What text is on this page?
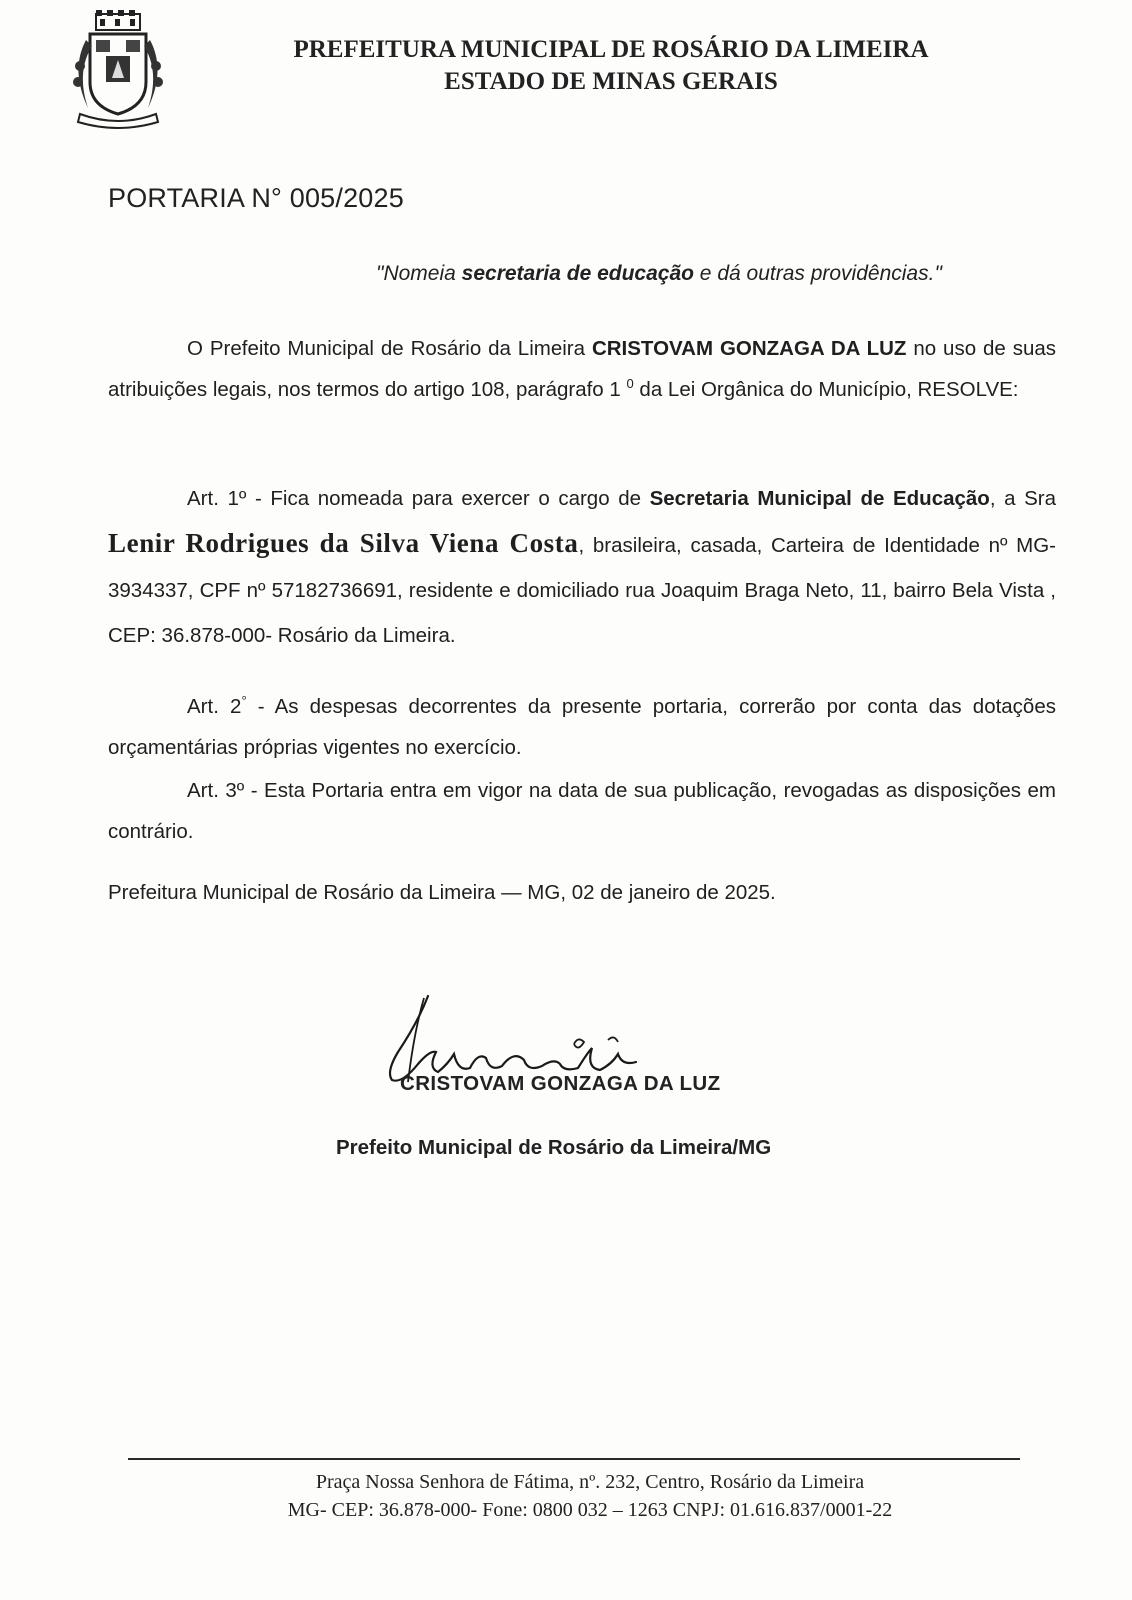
PREFEITURA MUNICIPAL DE ROSÁRIO DA LIMEIRA
ESTADO DE MINAS GERAIS
PORTARIA N° 005/2025
"Nomeia secretaria de educação e dá outras providências."
O Prefeito Municipal de Rosário da Limeira CRISTOVAM GONZAGA DA LUZ no uso de suas atribuições legais, nos termos do artigo 108, parágrafo 1 $^0$ da Lei Orgânica do Município, RESOLVE:
Art. 1º - Fica nomeada para exercer o cargo de Secretaria Municipal de Educação, a Sra Lenir Rodrigues da Silva Viena Costa, brasileira, casada, Carteira de Identidade nº MG-3934337, CPF nº 57182736691, residente e domiciliado rua Joaquim Braga Neto, 11, bairro Bela Vista , CEP: 36.878-000- Rosário da Limeira.
Art. 2° - As despesas decorrentes da presente portaria, correrão por conta das dotações orçamentárias próprias vigentes no exercício.
Art. 3º - Esta Portaria entra em vigor na data de sua publicação, revogadas as disposições em contrário.
Prefeitura Municipal de Rosário da Limeira — MG, 02 de janeiro de 2025.
CRISTOVAM GONZAGA DA LUZ
Prefeito Municipal de Rosário da Limeira/MG
Praça Nossa Senhora de Fátima, nº. 232, Centro, Rosário da Limeira
MG- CEP: 36.878-000- Fone: 0800 032 – 1263 CNPJ: 01.616.837/0001-22
